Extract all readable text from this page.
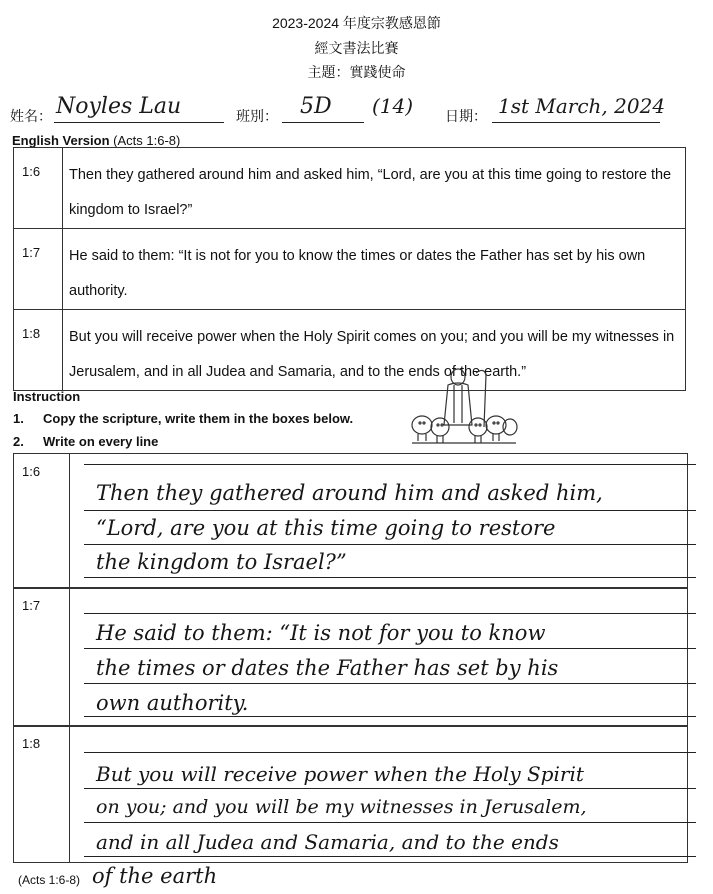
2023-2024 年度宗教感恩節
經文書法比賽
主題：實踐使命
姓名： Noyles Lau	班別： 5D (14) 日期： 1st March, 2024
English Version (Acts 1:6-8)
1:6	Then they gathered around him and asked him, “Lord, are you at this time going to restore the kingdom to Israel?”
1:7	He said to them: “It is not for you to know the times or dates the Father has set by his own authority.
1:8	But you will receive power when the Holy Spirit comes on you; and you will be my witnesses in Jerusalem, and in all Judea and Samaria, and to the ends of the earth.”
Instruction
1. Copy the scripture, write them in the boxes below.
2. Write on every line
1:6
Then they gathered around him and asked him,
“Lord, are you at this time going to restore
the kingdom to Israel?”
1:7
He said to them: “It is not for you to know
the times or dates the Father has set by his
own authority.
1:8
But you will receive power when the Holy Spirit
on you; and you will be my witnesses in Jerusalem,
and in all Judea and Samaria, and to the ends
(Acts 1:6-8) of the earth
